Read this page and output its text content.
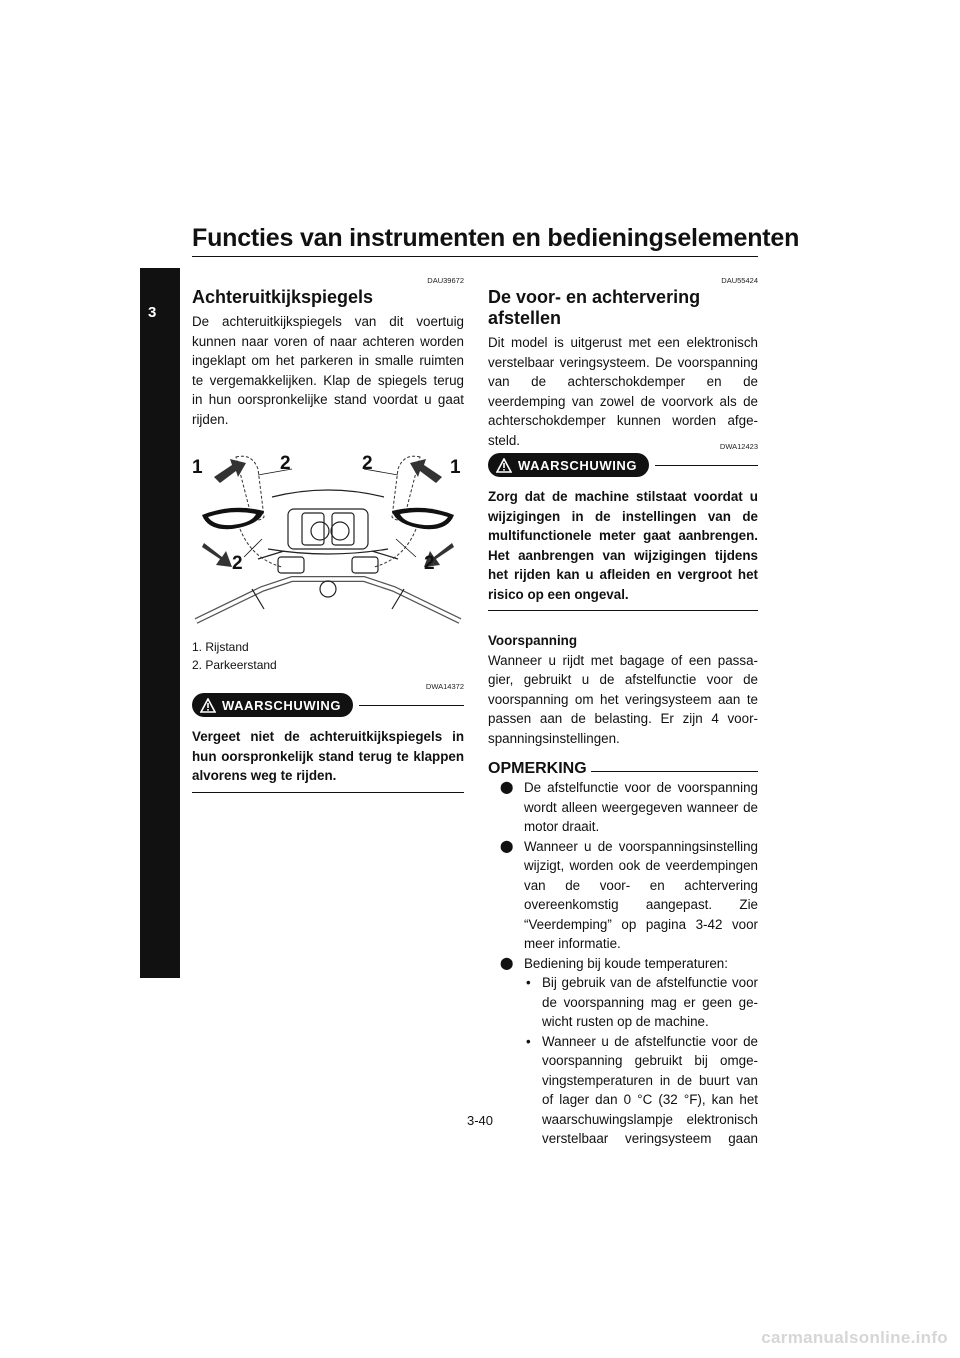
Functies van instrumenten en bedieningselementen
3

DAU39672

Achteruitkijkspiegels

De achteruitkijkspiegels van dit voertuig kunnen naar voren of naar achteren worden ingeklapt om het parkeren in smalle ruimten te vergemakkelijken. Klap de spiegels terug in hun oorspronkelijke stand voordat u gaat rijden.

1	2	2	1
2	2
1. Rijstand
2. Parkeerstand

DWA14372

WAARSCHUWING

Vergeet niet de achteruitkijkspiegels in hun oorspronkelijk stand terug te klappen alvorens weg te rijden.

DAU55424

De voor- en achtervering afstellen

Dit model is uitgerust met een elektronisch verstelbaar veringsysteem. De voorspanning van de achterschokdemper en de veerdemping van zowel de voorvork als de achterschokdemper kunnen worden afgesteld.	DWA12423

WAARSCHUWING

Zorg dat de machine stilstaat voordat u wijzigingen in de instellingen van de multifunctionele meter gaat aanbrengen. Het aanbrengen van wijzigingen tijdens het rijden kan u afleiden en vergroot het risico op een ongeval.

Voorspanning

Wanneer u rijdt met bagage of een passagier, gebruikt u de afstelfunctie voor de voorspanning om het veringsysteem aan te passen aan de belasting. Er zijn 4 voorspanningsinstellingen.

OPMERKING
⬤ De afstelfunctie voor de voorspanning wordt alleen weergegeven wanneer de motor draait.
⬤ Wanneer u de voorspanningsinstelling wijzigt, worden ook de veerdempingen van de voor- en achtervering overeenkomstig aangepast. Zie “Veerdemping” op pagina 3-42 voor meer informatie.
⬤ Bediening bij koude temperaturen:
• Bij gebruik van de afstelfunctie voor de voorspanning mag er geen gewicht rusten op de machine.
• Wanneer u de afstelfunctie voor de voorspanning gebruikt bij omgevingstemperaturen in de buurt van of lager dan 0 °C (32 °F), kan het waarschuwingslampje elektronisch verstelbaar veringsysteem gaan
3-40
carmanualsonline.info
